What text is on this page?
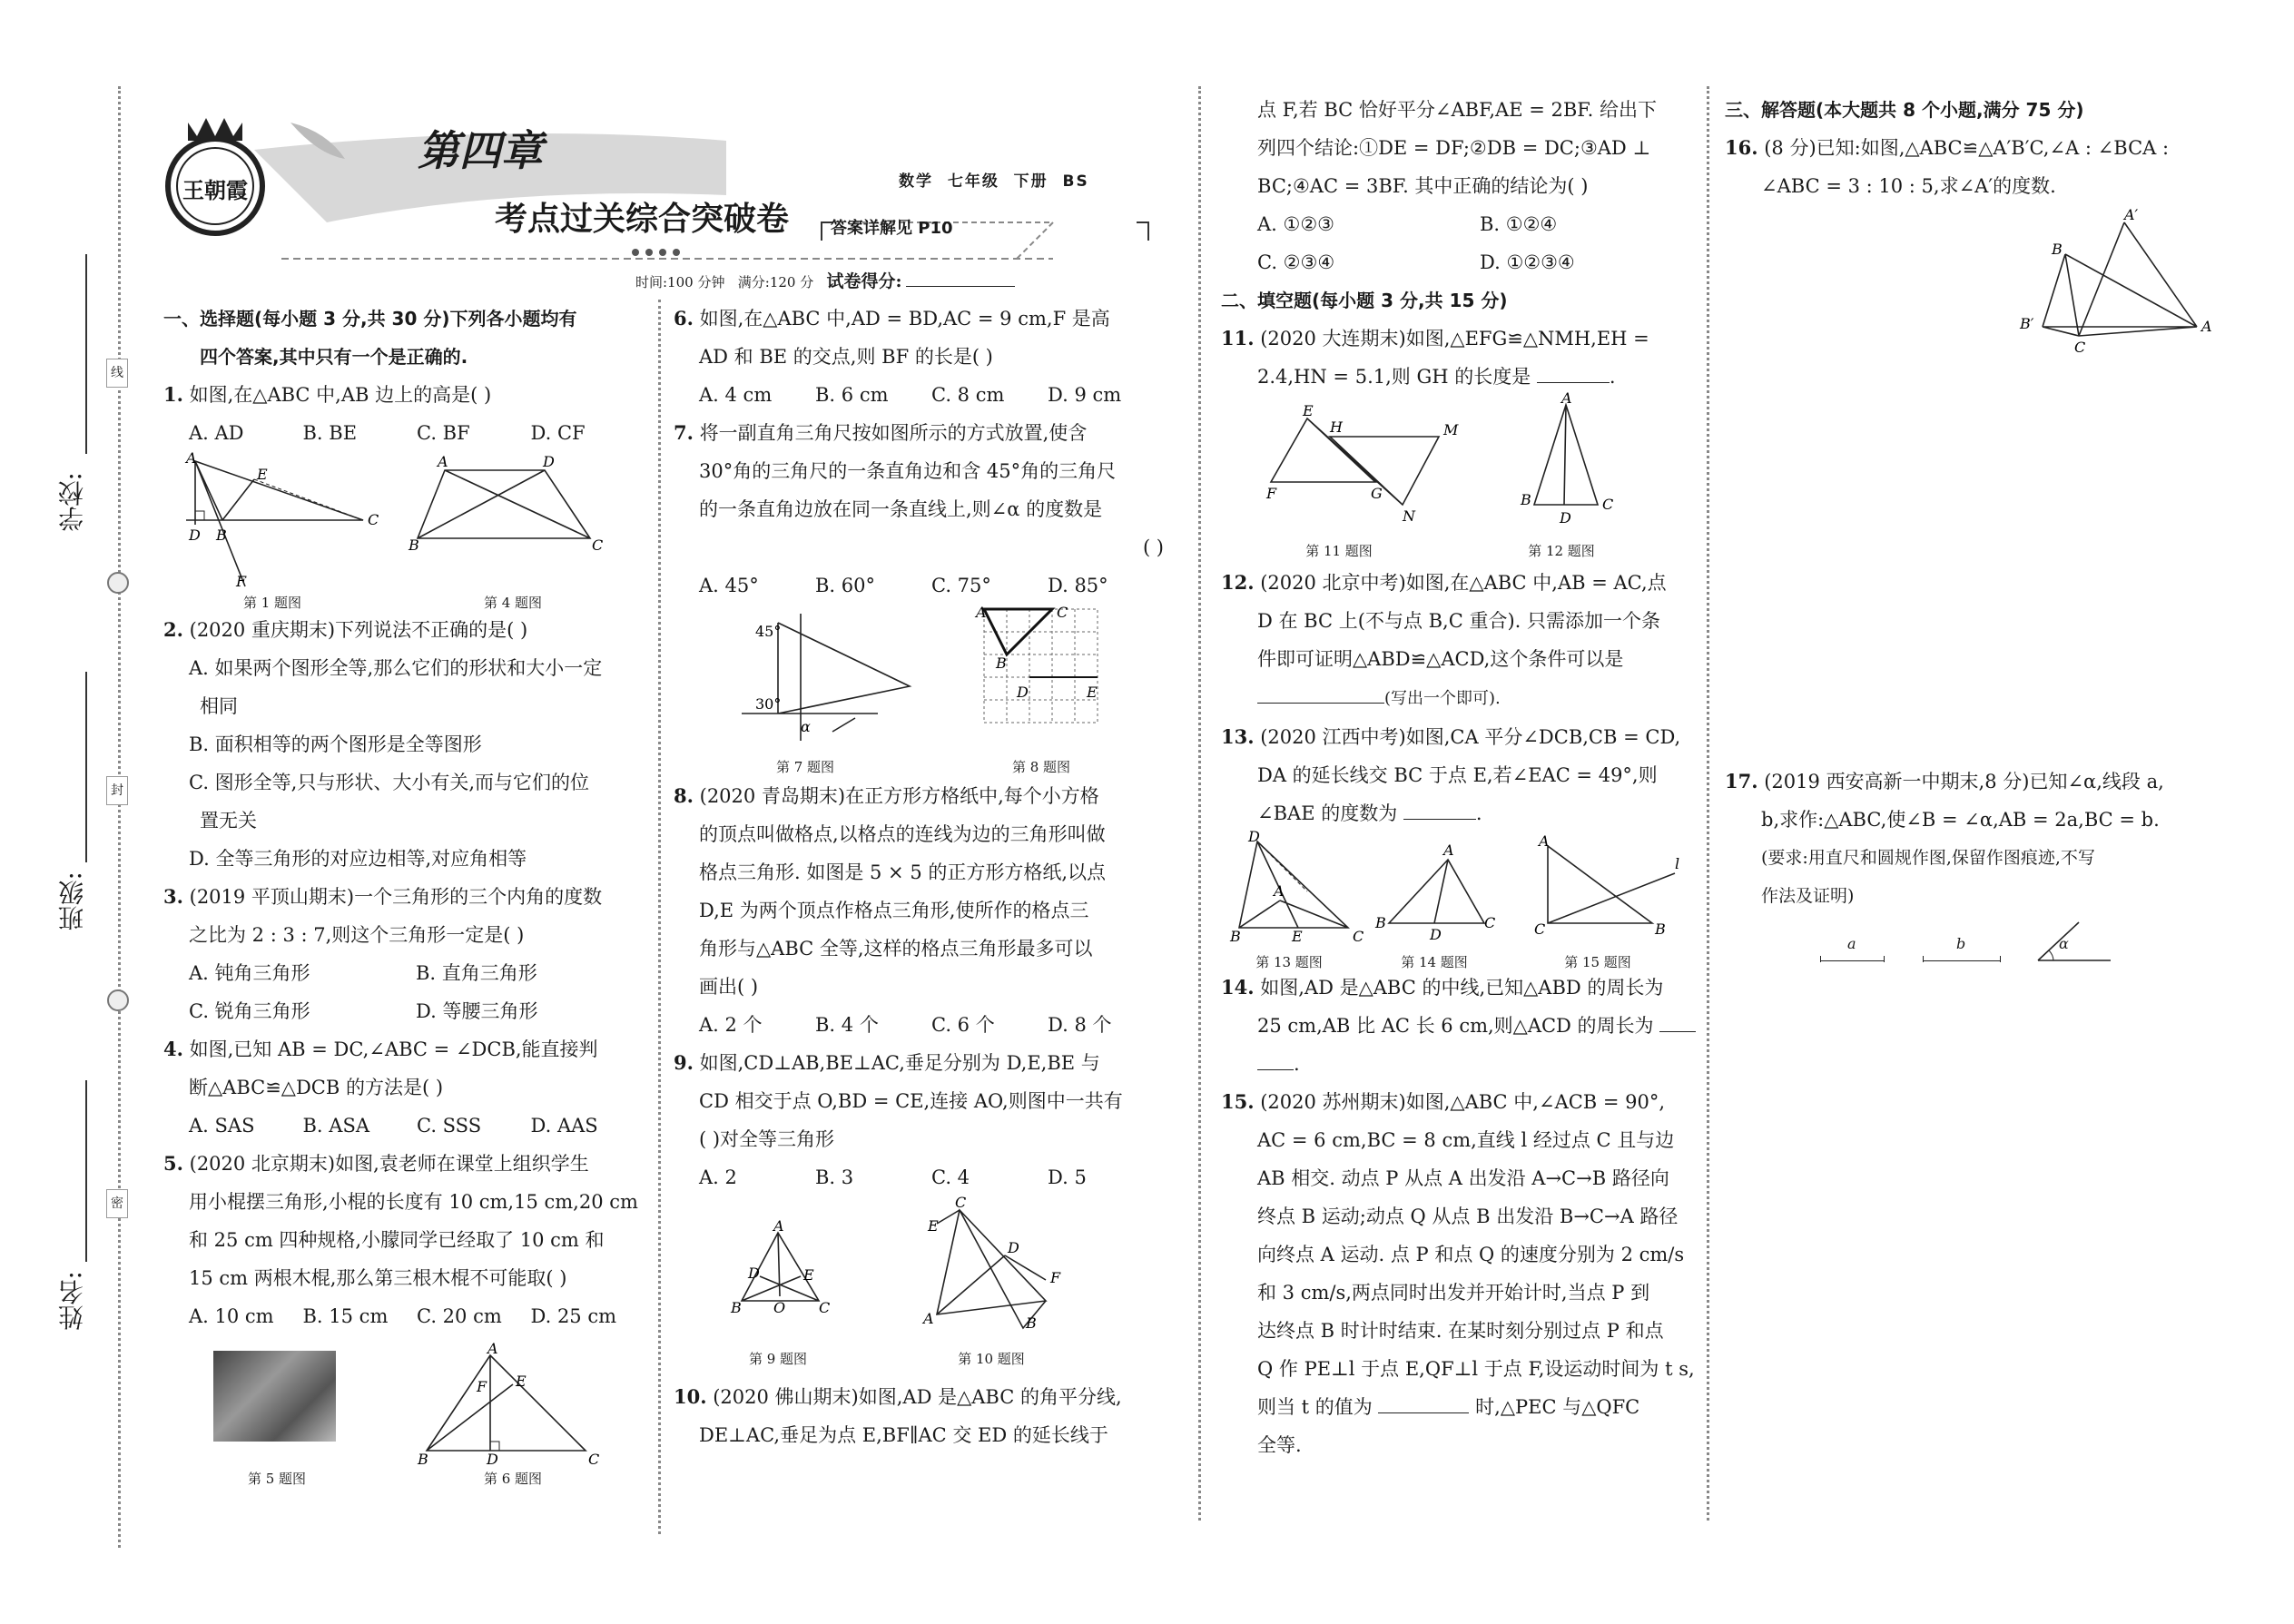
学校:
班级:
姓名:
线
封
密
王朝霞
第四章
考点过关综合突破卷
数学  七年级  下册  BS
答案详解见 P10
时间:100 分钟 满分:120 分 试卷得分:

一、选择题(每小题 3 分,共 30 分)下列各小题均有

四个答案,其中只有一个是正确的.

1. 如图,在△ABC 中,AB 边上的高是( )

A. AD	B. BE	C. BF	D. CF
A
D B
C
E
F
第 1 题图
A	D
B	C
第 4 题图

2. (2020 重庆期末)下列说法不正确的是( )

A. 如果两个图形全等,那么它们的形状和大小一定

相同

B. 面积相等的两个图形是全等图形

C. 图形全等,只与形状、大小有关,而与它们的位

置无关

D. 全等三角形的对应边相等,对应角相等

3. (2019 平顶山期末)一个三角形的三个内角的度数

之比为 2 : 3 : 7,则这个三角形一定是( )

A. 钝角三角形	B. 直角三角形
C. 锐角三角形	D. 等腰三角形

4. 如图,已知 AB = DC,∠ABC = ∠DCB,能直接判

断△ABC≌△DCB 的方法是( )

A. SAS	B. ASA	C. SSS	D. AAS

5. (2020 北京期末)如图,袁老师在课堂上组织学生

用小棍摆三角形,小棍的长度有 10 cm,15 cm,20 cm

和 25 cm 四种规格,小朦同学已经取了 10 cm 和

15 cm 两根木棍,那么第三根木棍不可能取( )

A. 10 cm	B. 15 cm	C. 20 cm	D. 25 cm
第 5 题图
A
B	D	C
E
F
第 6 题图

6. 如图,在△ABC 中,AD = BD,AC = 9 cm,F 是高

AD 和 BE 的交点,则 BF 的长是( )

A. 4 cm	B. 6 cm	C. 8 cm	D. 9 cm

7. 将一副直角三角尺按如图所示的方式放置,使含

30°角的三角尺的一条直角边和含 45°角的三角尺

的一条直角边放在同一条直线上,则∠α 的度数是

( )

A. 45°	B. 60°	C. 75°	D. 85°
45°
30°
α
第 7 题图
A	C
B
D	E
第 8 题图

8. (2020 青岛期末)在正方形方格纸中,每个小方格

的顶点叫做格点,以格点的连线为边的三角形叫做

格点三角形. 如图是 5 × 5 的正方形方格纸,以点

D,E 为两个顶点作格点三角形,使所作的格点三

角形与△ABC 全等,这样的格点三角形最多可以

画出( )

A. 2 个	B. 4 个	C. 6 个	D. 8 个

9. 如图,CD⊥AB,BE⊥AC,垂足分别为 D,E,BE 与

CD 相交于点 O,BD = CE,连接 AO,则图中一共有

( )对全等三角形

A. 2	B. 3	C. 4	D. 5
A
D	E
B	C
O
第 9 题图
C
E
D
F
A	B
第 10 题图

10. (2020 佛山期末)如图,AD 是△ABC 的角平分线,

DE⊥AC,垂足为点 E,BF∥AC 交 ED 的延长线于

点 F,若 BC 恰好平分∠ABF,AE = 2BF. 给出下

列四个结论:①DE = DF;②DB = DC;③AD ⊥

BC;④AC = 3BF. 其中正确的结论为( )

A. ①②③	B. ①②④
C. ②③④	D. ①②③④

二、填空题(每小题 3 分,共 15 分)

11. (2020 大连期末)如图,△EFG≌△NMH,EH =

2.4,HN = 5.1,则 GH 的长度是	.

E
H	M
F	G
N
第 11 题图
A
B
D
C
第 12 题图

12. (2020 北京中考)如图,在△ABC 中,AB = AC,点

D 在 BC 上(不与点 B,C 重合). 只需添加一个条

件即可证明△ABD≌△ACD,这个条件可以是

(写出一个即可).

13. (2020 江西中考)如图,CA 平分∠DCB,CB = CD,

DA 的延长线交 BC 于点 E,若∠EAC = 49°,则

∠BAE 的度数为	.

D
A
B	E	C
第 13 题图
A
B
D
C
第 14 题图
A
C	B
l
第 15 题图

14. 如图,AD 是△ABC 的中线,已知△ABD 的周长为

25 cm,AB 比 AC 长 6 cm,则△ACD 的周长为

.

15. (2020 苏州期末)如图,△ABC 中,∠ACB = 90°,

AC = 6 cm,BC = 8 cm,直线 l 经过点 C 且与边

AB 相交. 动点 P 从点 A 出发沿 A→C→B 路径向

终点 B 运动;动点 Q 从点 B 出发沿 B→C→A 路径

向终点 A 运动. 点 P 和点 Q 的速度分别为 2 cm/s

和 3 cm/s,两点同时出发并开始计时,当点 P 到

达终点 B 时计时结束. 在某时刻分别过点 P 和点

Q 作 PE⊥l 于点 E,QF⊥l 于点 F,设运动时间为 t s,

则当 t 的值为	时,△PEC 与△QFC

全等.

三、解答题(本大题共 8 个小题,满分 75 分)

16. (8 分)已知:如图,△ABC≌△A′B′C,∠A : ∠BCA :

∠ABC = 3 : 10 : 5,求∠A′的度数.

A′
B
B′
C
A

17. (2019 西安高新一中期末,8 分)已知∠α,线段 a,

b,求作:△ABC,使∠B = ∠α,AB = 2a,BC = b.

(要求:用直尺和圆规作图,保留作图痕迹,不写

作法及证明)

a	b	α
